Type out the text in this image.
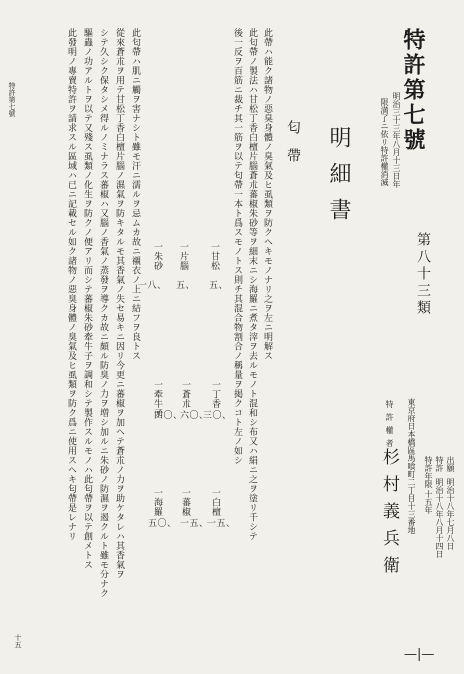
特許第七號
明治三十三年八月十三日年
限満了ニ依リ特許權消滅
第八十三類
出願
明治十八年七月八日
特許
明治十八年八月十四日
特許年限
十五年
東京府日本橋區馬喰町二丁目十三番地
特許權者
杉村義兵衛
明細書
匂帶
此帶ハ能ク諸物ノ惡臭身體ノ臭氣及ヒ虱類ヲ防クヘキモノナリ之ヲ左ニ明解ス
此匂帶ノ製法ハ甘松丁香白檀片腦蒼朮蕃椒朱砂等ヲ細末ニシ海羅ニ煮タ滓ヲ去ルモノト混和シ布又ハ絹ニ之ヲ塗リ千シテ
後一反ヲ百筋ニ裁チ其一筋ヲ以テ匂帶一本ト爲スモノトス則チ其混合物割合ノ稱量ヲ掲クコト左ノ如シ
一甘松
五、
一片腦
五、
一朱砂
一八、
一丁香
三〇、
一蒼朮
六〇、
一牽牛子
四〇、
一白檀
一五、
一蕃椒
一五、
一海羅
五〇、
此匂帶ハ肌ニ觸ヲ害ナシト雖モ汗ニ濡ルヲ忌ムカ故ニ襯衣ノ上ニ結フヲ良トス
從來蒼朮ヲ用テ甘松丁香白檀片腦ノ濕氣ヲ防キタルモ其香氣ノ失セ易キニ因リ今更ニ蕃椒ヲ加ヘテ蒼朮ノ力ヲ助ケタレハ其香氣ヲ
シテ久シク保タシメ得ルノミナラス蕃椒ハ又腦ノ香氣ノ蒸發ヲ導クカ故ニ頗ル防臭ノ力ヲ増シ加ルニ朱砂ノ防濕ヲ遏クルト雖モ分ナク
驅蟲ノ功アルトヲ以テ又殘ス虱類ノ化生ヲ防クノ便アリ而シテ蕃椒朱砂牽牛子ヲ調和シテ製作スルモノハ此匂帶ヲ以テ創メトス
此發明ノ專賣特許ヲ請求スル區域ハ已ニ記載セル如ク諸物ノ惡臭身體ノ臭氣及ヒ虱類ヲ防ク爲ニ使用スヘキ匂帶是レナリ
特許第七號
十五
—|—
